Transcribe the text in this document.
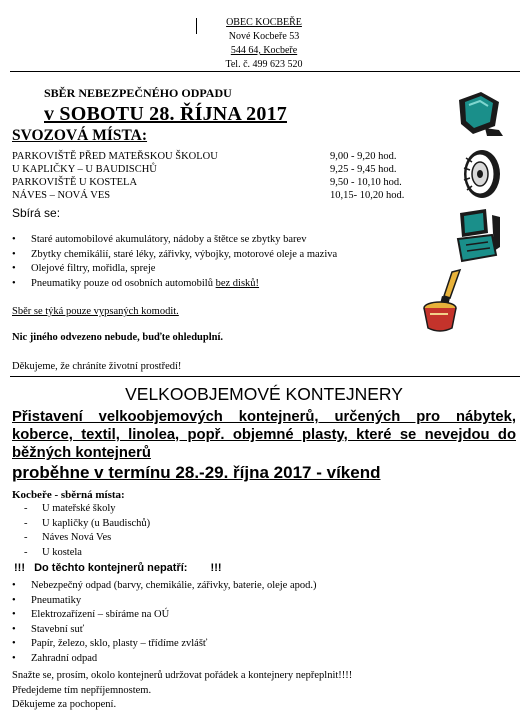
OBEC KOCBEŘE
Nové Kocbeře 53
544 64, Kocbeře
Tel. č. 499 623 520
SBĚR NEBEZPEČNÉHO ODPADU
v SOBOTU 28. ŘÍJNA 2017
SVOZOVÁ MÍSTA:
PARKOVIŠTĚ PŘED MATEŘSKOU ŠKOLOU	9,00 - 9,20 hod.
U KAPLIČKY – U BAUDISCHŮ	9,25 - 9,45 hod.
PARKOVIŠTĚ U KOSTELA	9,50 - 10,10 hod.
NÁVES – NOVÁ VES	10,15- 10,20 hod.
Sbírá se:
• Staré automobilové akumulátory, nádoby a štětce se zbytky barev
• Zbytky chemikálií, staré léky, zářivky, výbojky, motorové oleje a maziva
• Olejové filtry, mořidla, spreje
• Pneumatiky pouze od osobních automobilů bez disků!
Sběr se týká pouze vypsaných komodit.
Nic jiného odvezeno nebude, buďte ohleduplní.
Děkujeme, že chráníte životní prostředí!
VELKOOBJEMOVÉ KONTEJNERY
Přistavení velkoobjemových kontejnerů, určených pro nábytek, koberce, textil, linolea, popř. objemné plasty, které se nevejdou do běžných kontejnerů
proběhne v termínu 28.-29. října 2017 - víkend
Kocbeře - sběrná místa:
- U mateřské školy
- U kapličky (u Baudischů)
- Náves Nová Ves
- U kostela
!!! Do těchto kontejnerů nepatří: !!!
• Nebezpečný odpad (barvy, chemikálie, zářivky, baterie, oleje apod.)
• Pneumatiky
• Elektrozařízení – sbíráme na OÚ
• Stavební suť
• Papír, železo, sklo, plasty – třídíme zvlášť
• Zahradní odpad
Snažte se, prosím, okolo kontejnerů udržovat pořádek a kontejnery nepřeplnit!!!!
Předejdeme tím nepříjemnostem.
Děkujeme za pochopení.
